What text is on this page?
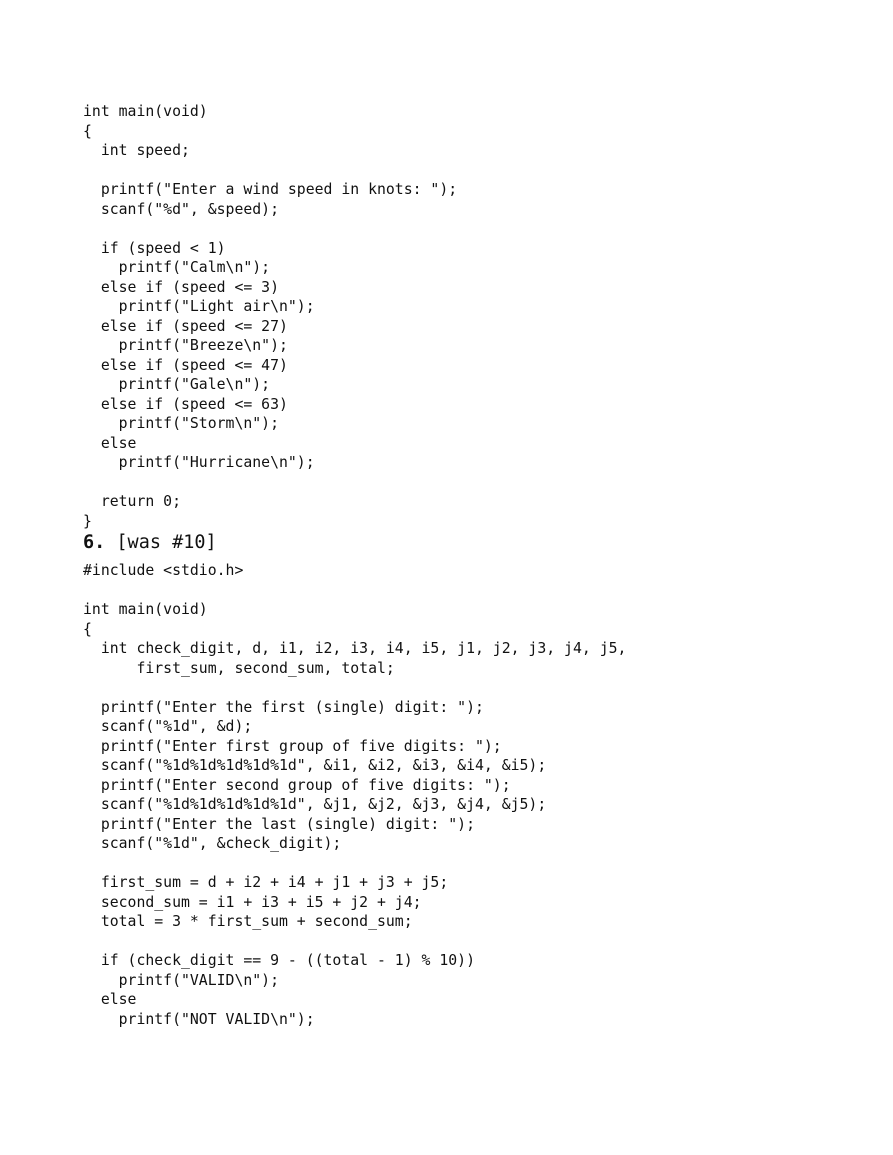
int main(void)
{
int speed;

printf("Enter a wind speed in knots: ");
scanf("%d", &speed);

if (speed < 1)
printf("Calm\n");
else if (speed <= 3)
printf("Light air\n");
else if (speed <= 27)
printf("Breeze\n");
else if (speed <= 47)
printf("Gale\n");
else if (speed <= 63)
printf("Storm\n");
else
printf("Hurricane\n");

return 0;
}
6. [was #10]
#include <stdio.h>

int main(void)
{
int check_digit, d, i1, i2, i3, i4, i5, j1, j2, j3, j4, j5,
first_sum, second_sum, total;

printf("Enter the first (single) digit: ");
scanf("%1d", &d);
printf("Enter first group of five digits: ");
scanf("%1d%1d%1d%1d%1d", &i1, &i2, &i3, &i4, &i5);
printf("Enter second group of five digits: ");
scanf("%1d%1d%1d%1d%1d", &j1, &j2, &j3, &j4, &j5);
printf("Enter the last (single) digit: ");
scanf("%1d", &check_digit);

first_sum = d + i2 + i4 + j1 + j3 + j5;
second_sum = i1 + i3 + i5 + j2 + j4;
total = 3 * first_sum + second_sum;

if (check_digit == 9 - ((total - 1) % 10))
printf("VALID\n");
else
printf("NOT VALID\n");
